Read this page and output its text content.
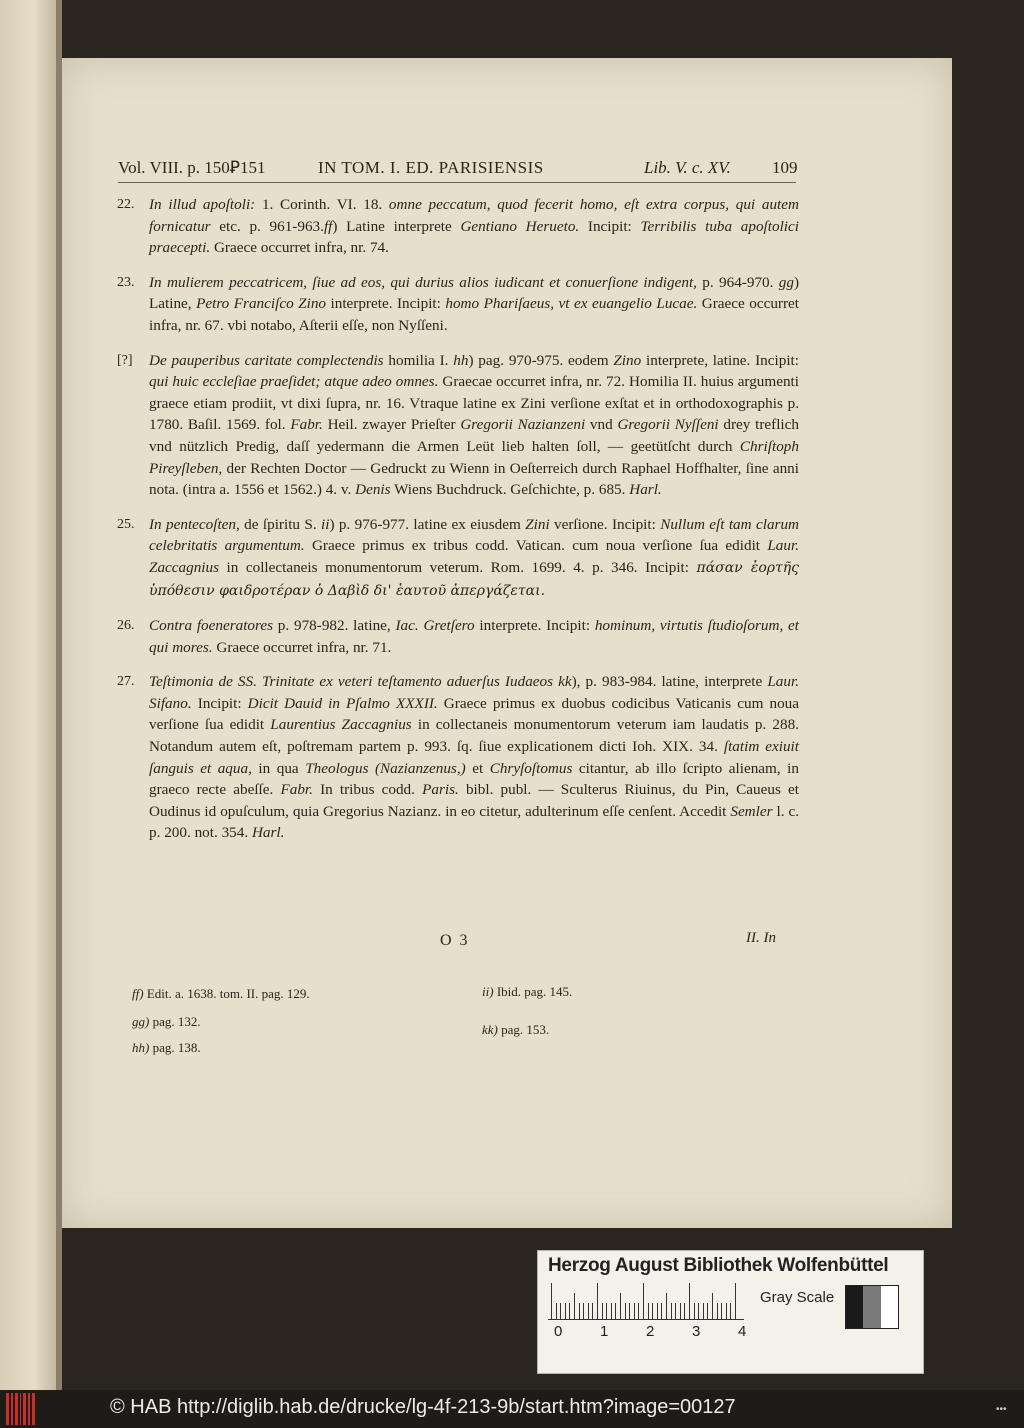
Vol. VIII. p. 150Ꝑ151	IN TOM. I. ED. PARISIENSIS	Lib. V. c. XV. 109
22. In illud apoſtoli: 1. Corinth. VI. 18. omne peccatum, quod fecerit homo, eſt extra corpus, qui autem fornicatur etc. p. 961-963.ff) Latine interprete Gentiano Herueto. Incipit: Terribilis tuba apoſtolici praecepti. Graece occurret infra, nr. 74.
23. In mulierem peccatricem, ſiue ad eos, qui durius alios iudicant et conuerſione indigent, p. 964-970. gg) Latine, Petro Franciſco Zino interprete. Incipit: homo Phariſaeus, vt ex euangelio Lucae. Graece occurret infra, nr. 67. vbi notabo, Aſterii eſſe, non Nyſſeni.
[?] De pauperibus caritate complectendis homilia I. hh) pag. 970-975. eodem Zino interprete, latine. Incipit: qui huic eccleſiae praeſidet; atque adeo omnes. Graecae occurret infra, nr. 72. Homilia II. huius argumenti graece etiam prodiit, vt dixi ſupra, nr. 16. Vtraque latine ex Zini verſione exſtat et in orthodoxographis p. 1780. Baſil. 1569. fol. Fabr. Heil. zwayer Prieſter Gregorii Nazianzeni vnd Gregorii Nyſſeni drey treflich vnd nützlich Predig, daſſ yedermann die Armen Leüt lieb halten ſoll, — geetütſcht durch Chriſtoph Pireyſleben, der Rechten Doctor — Gedruckt zu Wienn in Oeſterreich durch Raphael Hoffhalter, ſine anni nota. (intra a. 1556 et 1562.) 4. v. Denis Wiens Buchdruck. Geſchichte, p. 685. Harl.
25. In pentecoſten, de ſpiritu S. ii) p. 976-977. latine ex eiusdem Zini verſione. Incipit: Nullum eſt tam clarum celebritatis argumentum. Graece primus ex tribus codd. Vatican. cum noua verſione ſua edidit Laur. Zaccagnius in collectaneis monumentorum veterum. Rom. 1699. 4. p. 346. Incipit: πάσαν ἑορτῆς ὑπόθεσιν φαιδροτέραν ὁ Δαβὶδ δι' ἑαυτοῦ ἀπεργάζεται.
26. Contra foeneratores p. 978-982. latine, Iac. Gretſero interprete. Incipit: hominum, virtutis ſtudioſorum, et qui mores. Graece occurret infra, nr. 71.
27. Teſtimonia de SS. Trinitate ex veteri teſtamento aduerſus Iudaeos kk), p. 983-984. latine, interprete Laur. Sifano. Incipit: Dicit Dauid in Pſalmo XXXII. Graece primus ex duobus codicibus Vaticanis cum noua verſione ſua edidit Laurentius Zaccagnius in collectaneis monumentorum veterum iam laudatis p. 288. Notandum autem eſt, poſtremam partem p. 993. ſq. ſiue explicationem dicti Ioh. XIX. 34. ſtatim exiuit ſanguis et aqua, in qua Theologus (Nazianzenus,) et Chryſoſtomus citantur, ab illo ſcripto alienam, in graeco recte abeſſe. Fabr. In tribus codd. Paris. bibl. publ. — Sculterus Riuinus, du Pin, Caueus et Oudinus id opuſculum, quia Gregorius Nazianz. in eo citetur, adulterinum eſſe cenſent. Accedit Semler l. c. p. 200. not. 354. Harl.
O 3	II. In
ff) Edit. a. 1638. tom. II. pag. 129.
gg) pag. 132.
hh) pag. 138.
ii) Ibid. pag. 145.
kk) pag. 153.
Herzog August Bibliothek Wolfenbüttel
0	1	2	3	4
Gray Scale
© HAB http://diglib.hab.de/drucke/lg-4f-213-9b/start.htm?image=00127	•••
